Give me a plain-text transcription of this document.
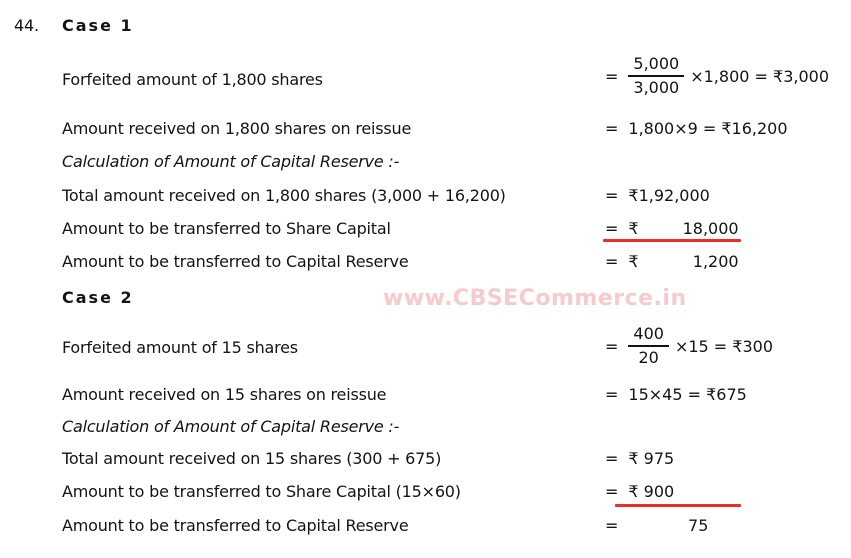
44. Case 1
Forfeited amount of 1,800 shares	= $\frac{5,000}{3,000} \times 1,800$ = ₹3,000
Amount received on 1,800 shares on reissue	= 1,800×9 = ₹16,200
Calculation of Amount of Capital Reserve :-
Total amount received on 1,800 shares (3,000 + 16,200)	= ₹1,92,000
Amount to be transferred to Share Capital	= ₹	18,000
Amount to be transferred to Capital Reserve	= ₹	1,200
Case 2	www.CBSECommerce.in
Forfeited amount of 15 shares	= $\frac{400}{20} \times 15$ = ₹300
Amount received on 15 shares on reissue	= 15×45 = ₹675
Calculation of Amount of Capital Reserve :-
Total amount received on 15 shares (300 + 675)	= ₹ 975
Amount to be transferred to Share Capital (15×60)	= ₹ 900
Amount to be transferred to Capital Reserve	=	75
